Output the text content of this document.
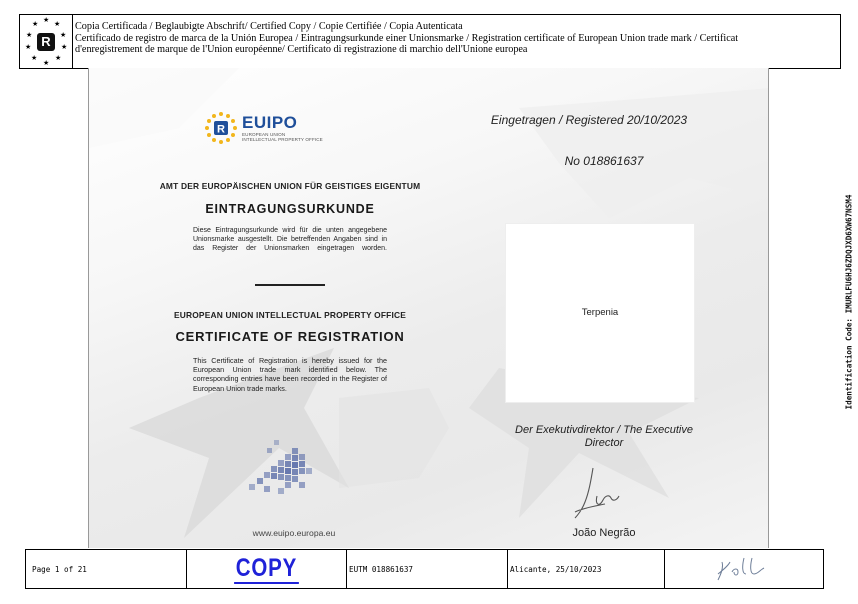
★
★ ★
★	★
★	★
★	★
★
R
Copia Certificada / Beglaubigte Abschrift/ Certified Copy / Copie Certifiée / Copia Autenticata
Certificado de registro de marca de la Unión Europea / Eintragungsurkunde einer Unionsmarke / Registration certificate of European Union trade mark / Certificat
d'enregistrement de marque de l'Union européenne/ Certificato di registrazione di marchio dell'Unione europea
R EUIPO
EUROPEAN UNION
INTELLECTUAL PROPERTY OFFICE
AMT DER EUROPÄISCHEN UNION FÜR GEISTIGES EIGENTUM
EINTRAGUNGSURKUNDE
Diese Eintragungsurkunde wird für die unten angegebene Unionsmarke ausgestellt. Die betreffenden Angaben sind in das Register der Unionsmarken eingetragen worden.
EUROPEAN UNION INTELLECTUAL PROPERTY OFFICE
CERTIFICATE OF REGISTRATION
This Certificate of Registration is hereby issued for the European Union trade mark identified below. The corresponding entries have been recorded in the Register of European Union trade marks.
www.euipo.europa.eu
Eingetragen / Registered 20/10/2023
No 018861637
Terpenia
Der Exekutivdirektor / The Executive Director
João Negrão
Identification Code: IMURLFU6HJ6ZDQJXD6XW67NSM4
Page 1 of 21	COPY	EUTM 018861637	Alicante, 25/10/2023
